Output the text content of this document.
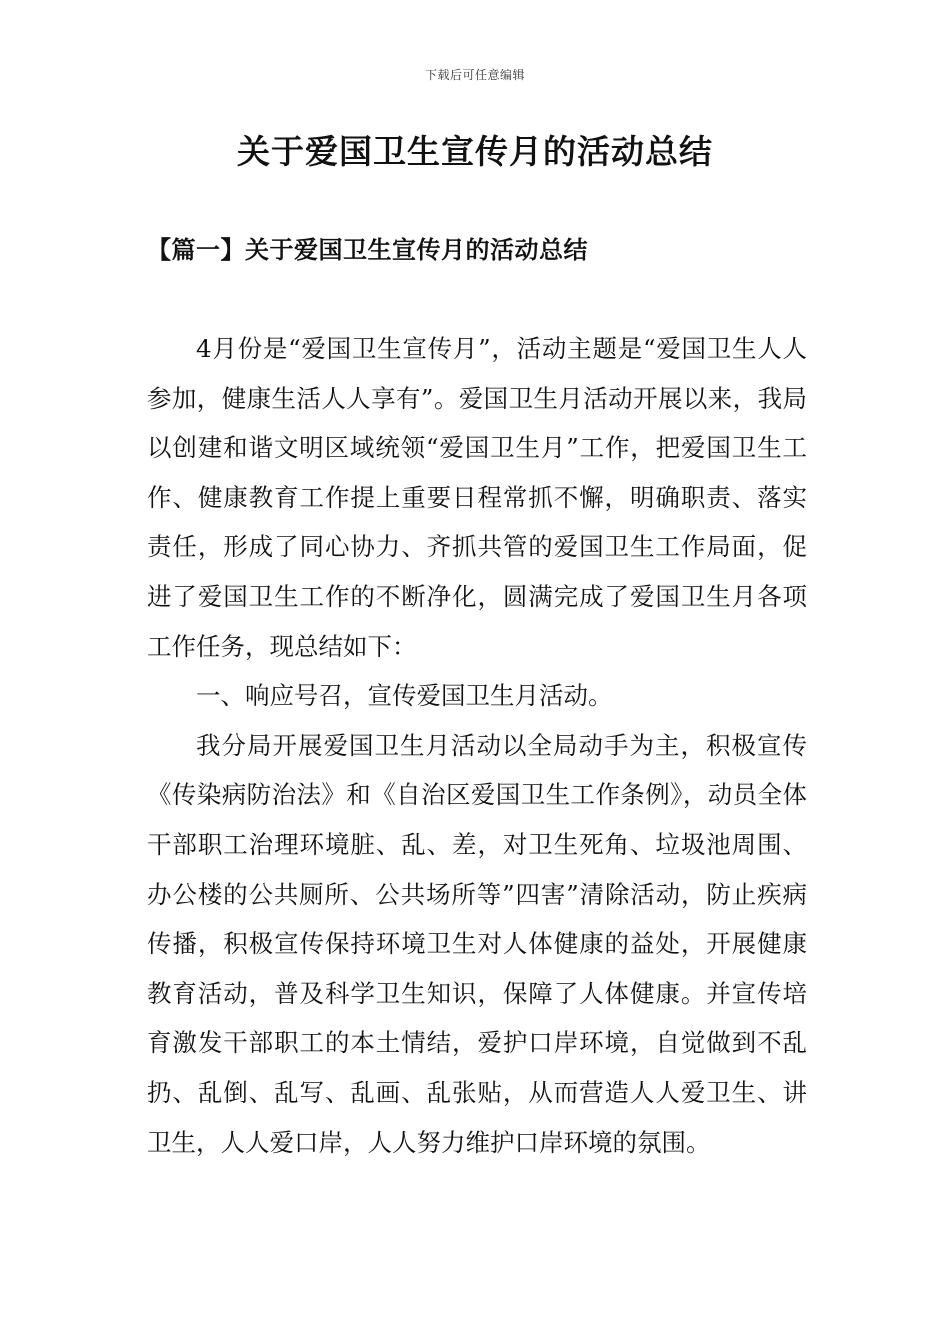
下载后可任意编辑
关于爱国卫生宣传月的活动总结
【篇一】关于爱国卫生宣传月的活动总结

4月份是“爱国卫生宣传月”，活动主题是“爱国卫生人人参加，健康生活人人享有”。爱国卫生月活动开展以来，我局以创建和谐文明区域统领“爱国卫生月”工作，把爱国卫生工作、健康教育工作提上重要日程常抓不懈，明确职责、落实责任，形成了同心协力、齐抓共管的爱国卫生工作局面，促进了爱国卫生工作的不断净化，圆满完成了爱国卫生月各项工作任务，现总结如下：

一、响应号召，宣传爱国卫生月活动。

我分局开展爱国卫生月活动以全局动手为主，积极宣传《传染病防治法》和《自治区爱国卫生工作条例》，动员全体干部职工治理环境脏、乱、差，对卫生死角、垃圾池周围、办公楼的公共厕所、公共场所等”四害”清除活动，防止疾病传播，积极宣传保持环境卫生对人体健康的益处，开展健康教育活动，普及科学卫生知识，保障了人体健康。并宣传培育激发干部职工的本土情结，爱护口岸环境，自觉做到不乱扔、乱倒、乱写、乱画、乱张贴，从而营造人人爱卫生、讲卫生，人人爱口岸，人人努力维护口岸环境的氛围。
